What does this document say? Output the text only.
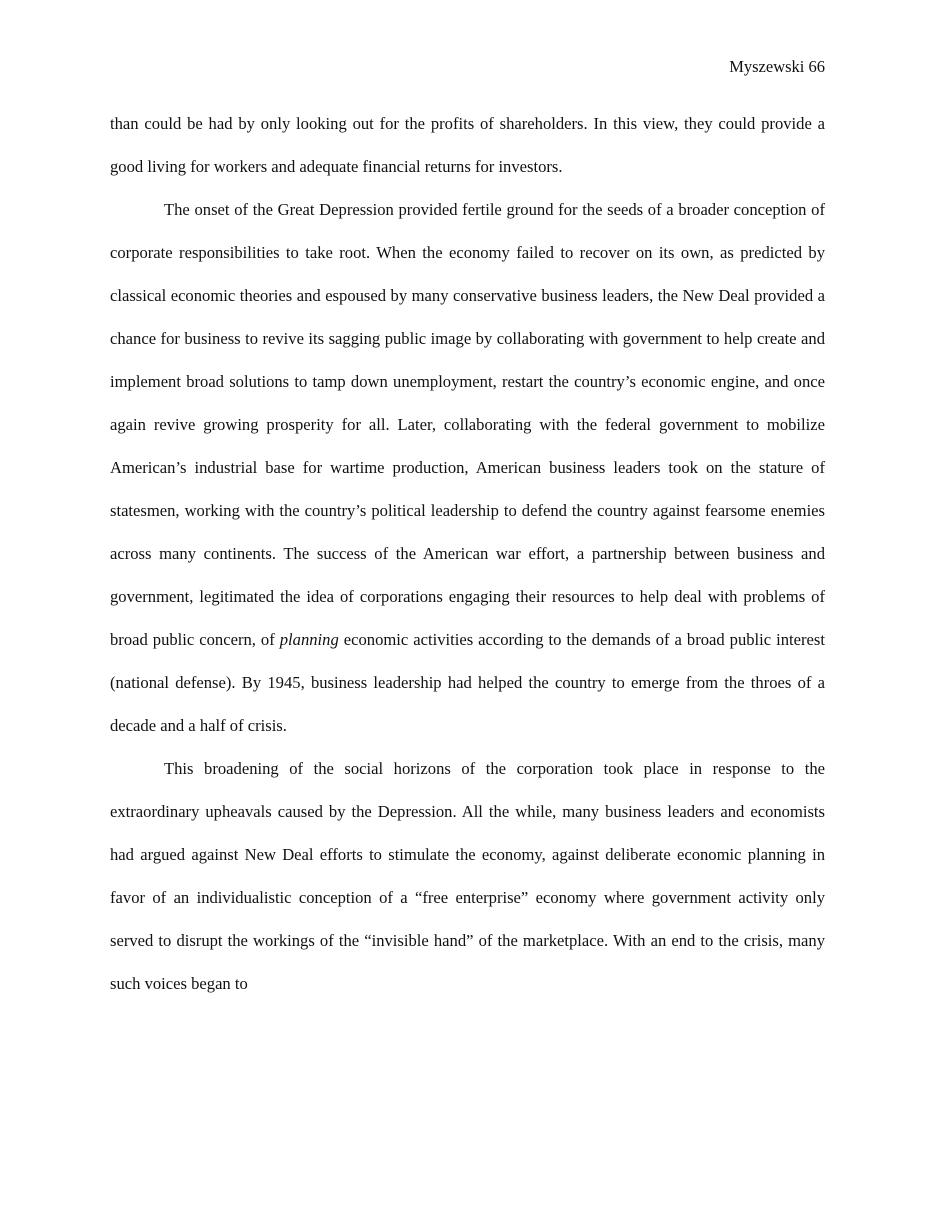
Myszewski 66

than could be had by only looking out for the profits of shareholders. In this view, they could provide a good living for workers and adequate financial returns for investors.

The onset of the Great Depression provided fertile ground for the seeds of a broader conception of corporate responsibilities to take root. When the economy failed to recover on its own, as predicted by classical economic theories and espoused by many conservative business leaders, the New Deal provided a chance for business to revive its sagging public image by collaborating with government to help create and implement broad solutions to tamp down unemployment, restart the country’s economic engine, and once again revive growing prosperity for all. Later, collaborating with the federal government to mobilize American’s industrial base for wartime production, American business leaders took on the stature of statesmen, working with the country’s political leadership to defend the country against fearsome enemies across many continents. The success of the American war effort, a partnership between business and government, legitimated the idea of corporations engaging their resources to help deal with problems of broad public concern, of planning economic activities according to the demands of a broad public interest (national defense). By 1945, business leadership had helped the country to emerge from the throes of a decade and a half of crisis.

This broadening of the social horizons of the corporation took place in response to the extraordinary upheavals caused by the Depression. All the while, many business leaders and economists had argued against New Deal efforts to stimulate the economy, against deliberate economic planning in favor of an individualistic conception of a “free enterprise” economy where government activity only served to disrupt the workings of the “invisible hand” of the marketplace. With an end to the crisis, many such voices began to
